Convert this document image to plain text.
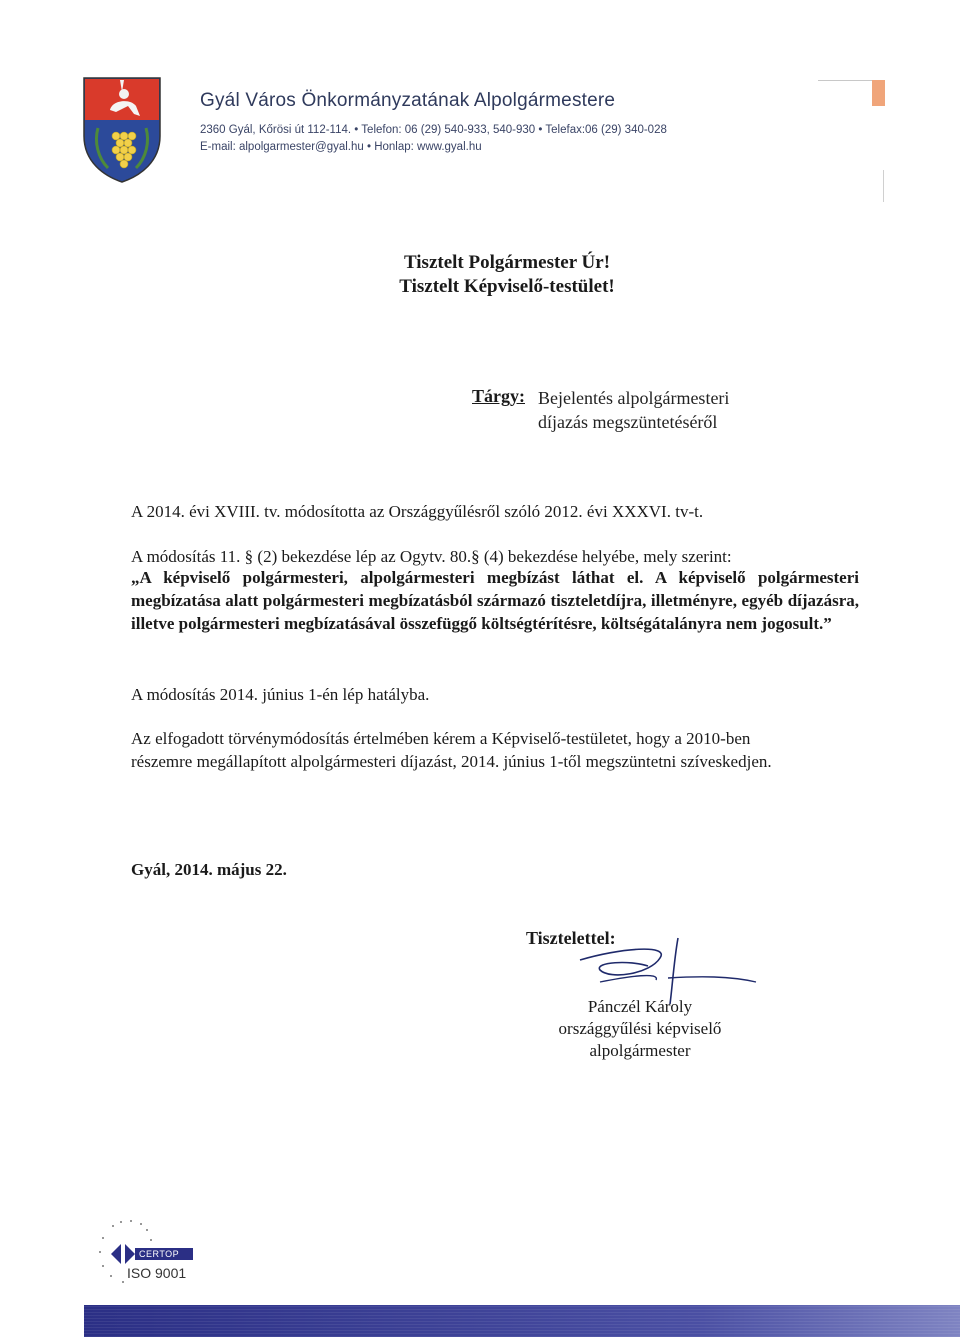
Gyál Város Önkormányzatának Alpolgármestere
2360 Gyál, Kőrösi út 112-114. • Telefon: 06 (29) 540-933, 540-930 • Telefax:06 (29) 340-028
E-mail: alpolgarmester@gyal.hu • Honlap: www.gyal.hu
Tisztelt Polgármester Úr!
Tisztelt Képviselő-testület!
Tárgy: Bejelentés alpolgármesteri
díjazás megszüntetéséről
A 2014. évi XVIII. tv. módosította az Országgyűlésről szóló 2012. évi XXXVI. tv-t.
A módosítás 11. § (2) bekezdése lép az Ogytv. 80.§ (4) bekezdése helyébe, mely szerint:
„A képviselő polgármesteri, alpolgármesteri megbízást láthat el. A képviselő polgármesteri megbízatása alatt polgármesteri megbízatásból származó tiszteletdíjra, illetményre, egyéb díjazásra, illetve polgármesteri megbízatásával összefüggő költségtérítésre, költségátalányra nem jogosult.”
A módosítás 2014. június 1-én lép hatályba.
Az elfogadott törvénymódosítás értelmében kérem a Képviselő-testületet, hogy a 2010-ben
részemre megállapított alpolgármesteri díjazást, 2014. június 1-től megszüntetni szíveskedjen.
Gyál, 2014. május 22.
Tisztelettel:
Pánczél Károly
országgyűlési képviselő
alpolgármester
CERTOP
ISO 9001
